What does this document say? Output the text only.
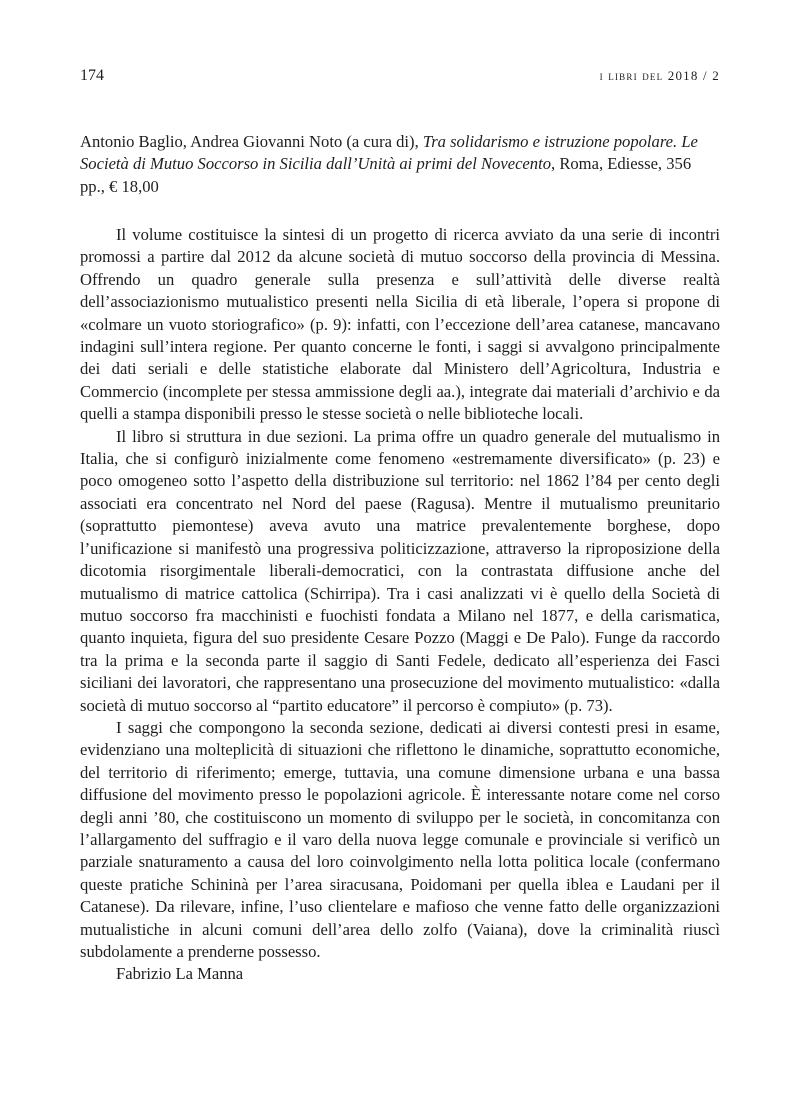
174	i libri del 2018 / 2

Antonio Baglio, Andrea Giovanni Noto (a cura di), Tra solidarismo e istruzione popolare. Le Società di Mutuo Soccorso in Sicilia dall’Unità ai primi del Novecento, Roma, Ediesse, 356 pp., € 18,00

Il volume costituisce la sintesi di un progetto di ricerca avviato da una serie di incontri promossi a partire dal 2012 da alcune società di mutuo soccorso della provincia di Messina. Offrendo un quadro generale sulla presenza e sull’attività delle diverse realtà dell’associazionismo mutualistico presenti nella Sicilia di età liberale, l’opera si propone di «colmare un vuoto storiografico» (p. 9): infatti, con l’eccezione dell’area catanese, mancavano indagini sull’intera regione. Per quanto concerne le fonti, i saggi si avvalgono principalmente dei dati seriali e delle statistiche elaborate dal Ministero dell’Agricoltura, Industria e Commercio (incomplete per stessa ammissione degli aa.), integrate dai materiali d’archivio e da quelli a stampa disponibili presso le stesse società o nelle biblioteche locali.

Il libro si struttura in due sezioni. La prima offre un quadro generale del mutualismo in Italia, che si configurò inizialmente come fenomeno «estremamente diversificato» (p. 23) e poco omogeneo sotto l’aspetto della distribuzione sul territorio: nel 1862 l’84 per cento degli associati era concentrato nel Nord del paese (Ragusa). Mentre il mutualismo preunitario (soprattutto piemontese) aveva avuto una matrice prevalentemente borghese, dopo l’unificazione si manifestò una progressiva politicizzazione, attraverso la riproposizione della dicotomia risorgimentale liberali-democratici, con la contrastata diffusione anche del mutualismo di matrice cattolica (Schirripa). Tra i casi analizzati vi è quello della Società di mutuo soccorso fra macchinisti e fuochisti fondata a Milano nel 1877, e della carismatica, quanto inquieta, figura del suo presidente Cesare Pozzo (Maggi e De Palo). Funge da raccordo tra la prima e la seconda parte il saggio di Santi Fedele, dedicato all’esperienza dei Fasci siciliani dei lavoratori, che rappresentano una prosecuzione del movimento mutualistico: «dalla società di mutuo soccorso al “partito educatore” il percorso è compiuto» (p. 73).

I saggi che compongono la seconda sezione, dedicati ai diversi contesti presi in esame, evidenziano una molteplicità di situazioni che riflettono le dinamiche, soprattutto economiche, del territorio di riferimento; emerge, tuttavia, una comune dimensione urbana e una bassa diffusione del movimento presso le popolazioni agricole. È interessante notare come nel corso degli anni ’80, che costituiscono un momento di sviluppo per le società, in concomitanza con l’allargamento del suffragio e il varo della nuova legge comunale e provinciale si verificò un parziale snaturamento a causa del loro coinvolgimento nella lotta politica locale (confermano queste pratiche Schininà per l’area siracusana, Poidomani per quella iblea e Laudani per il Catanese). Da rilevare, infine, l’uso clientelare e mafioso che venne fatto delle organizzazioni mutualistiche in alcuni comuni dell’area dello zolfo (Vaiana), dove la criminalità riuscì subdolamente a prenderne possesso.

Fabrizio La Manna
